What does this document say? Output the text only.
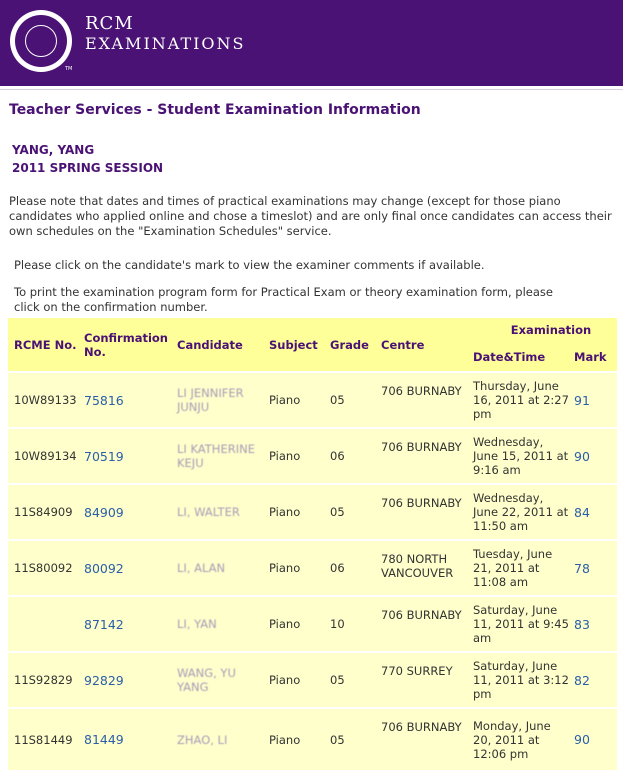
TM
RCM
EXAMINATIONS
Teacher Services - Student Examination Information
YANG, YANG
2011 SPRING SESSION
Please note that dates and times of practical examinations may change (except for those piano candidates who applied online and chose a timeslot) and are only final once candidates can access their own schedules on the "Examination Schedules" service.
Please click on the candidate's mark to view the examiner comments if available.
To print the examination program form for Practical Exam or theory examination form, please click on the confirmation number.
RCME No.	Confirmation No.	Candidate	Subject	Grade	Centre	Examination	
						Date&Time	Mark
10W89133	75816	LI JENNIFER JUNJU	Piano	05	706 BURNABY	Thursday, June 16, 2011 at 2:27 pm	91
10W89134	70519	LI KATHERINE KEJU	Piano	06	706 BURNABY	Wednesday, June 15, 2011 at 9:16 am	90
11S84909	84909	LI, WALTER	Piano	05	706 BURNABY	Wednesday, June 22, 2011 at 11:50 am	84
11S80092	80092	LI, ALAN	Piano	06	780 NORTH VANCOUVER	Tuesday, June 21, 2011 at 11:08 am	78
	87142	LI, YAN	Piano	10	706 BURNABY	Saturday, June 11, 2011 at 9:45 am	83
11S92829	92829	WANG, YU YANG	Piano	05	770 SURREY	Saturday, June 11, 2011 at 3:12 pm	82
11S81449	81449	ZHAO, LI	Piano	05	706 BURNABY	Monday, June 20, 2011 at 12:06 pm	90
